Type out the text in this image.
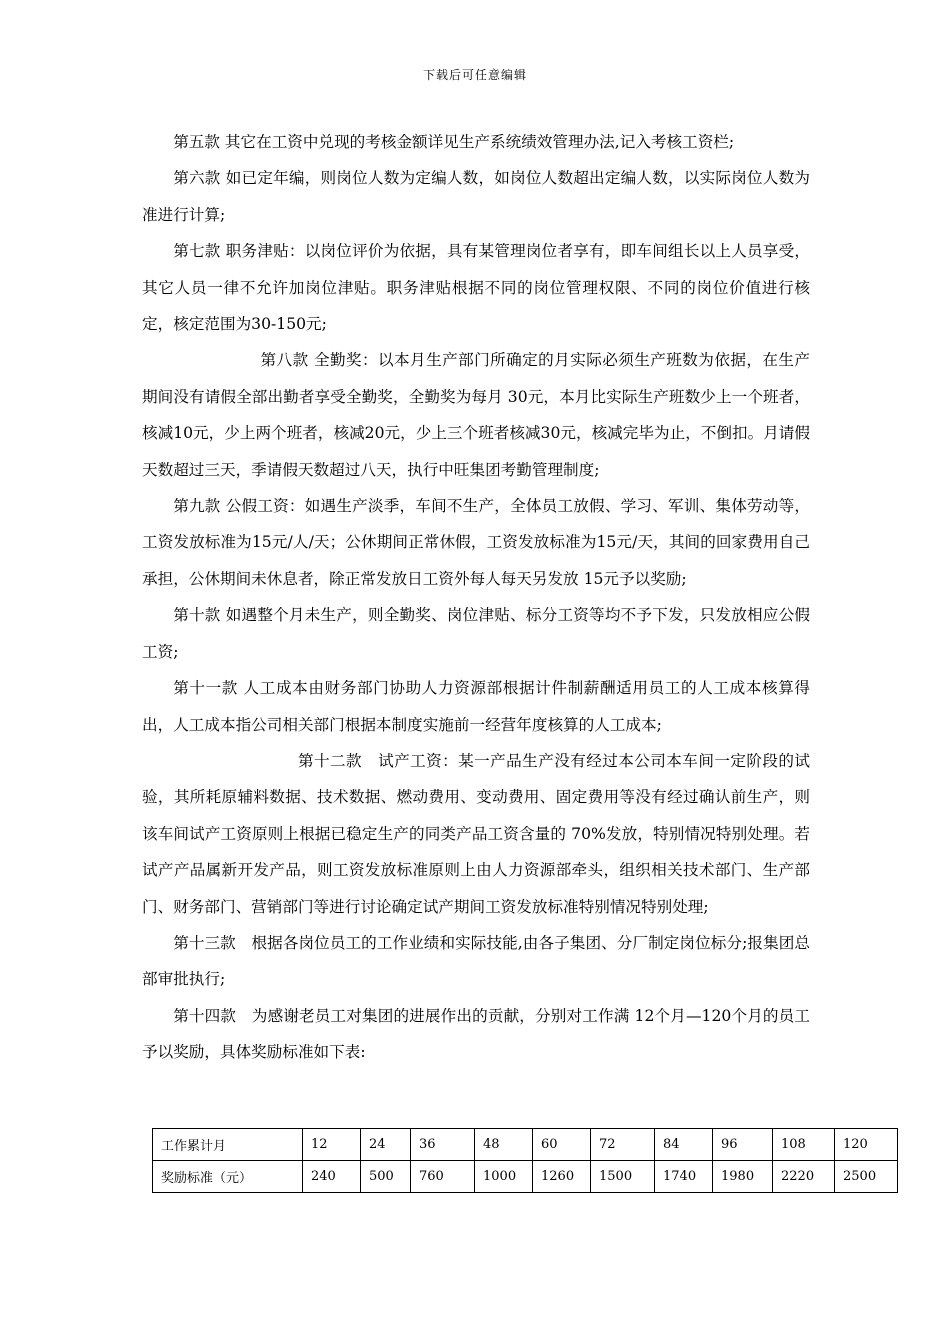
下载后可任意编辑

第五款 其它在工资中兑现的考核金额详见生产系统绩效管理办法,记入考核工资栏;

第六款 如已定年编，则岗位人数为定编人数，如岗位人数超出定编人数，以实际岗位人数为准进行计算;

第七款 职务津贴：以岗位评价为依据，具有某管理岗位者享有，即车间组长以上人员享受，其它人员一律不允许加岗位津贴。职务津贴根据不同的岗位管理权限、不同的岗位价值进行核定，核定范围为30-150元;

第八款 全勤奖：以本月生产部门所确定的月实际必须生产班数为依据，在生产期间没有请假全部出勤者享受全勤奖，全勤奖为每月 30元，本月比实际生产班数少上一个班者，核减10元，少上两个班者，核减20元，少上三个班者核减30元，核减完毕为止，不倒扣。月请假天数超过三天，季请假天数超过八天，执行中旺集团考勤管理制度;

第九款 公假工资：如遇生产淡季，车间不生产，全体员工放假、学习、军训、集体劳动等，工资发放标准为15元/人/天；公休期间正常休假，工资发放标准为15元/天，其间的回家费用自己承担，公休期间未休息者，除正常发放日工资外每人每天另发放 15元予以奖励;

第十款 如遇整个月未生产，则全勤奖、岗位津贴、标分工资等均不予下发，只发放相应公假工资;

第十一款 人工成本由财务部门协助人力资源部根据计件制薪酬适用员工的人工成本核算得出，人工成本指公司相关部门根据本制度实施前一经营年度核算的人工成本;

第十二款　试产工资：某一产品生产没有经过本公司本车间一定阶段的试验，其所耗原辅料数据、技术数据、燃动费用、变动费用、固定费用等没有经过确认前生产，则该车间试产工资原则上根据已稳定生产的同类产品工资含量的 70%发放，特别情况特别处理。若试产产品属新开发产品，则工资发放标准原则上由人力资源部牵头，组织相关技术部门、生产部门、财务部门、营销部门等进行讨论确定试产期间工资发放标准特别情况特别处理;

第十三款　根据各岗位员工的工作业绩和实际技能,由各子集团、分厂制定岗位标分;报集团总部审批执行;

第十四款　为感谢老员工对集团的进展作出的贡献，分别对工作满 12个月—120个月的员工予以奖励，具体奖励标准如下表:

工作累计月	12	24	36	48	60	72	84	96	108	120
奖励标准（元）	240	500	760	1000	1260	1500	1740	1980	2220	2500
